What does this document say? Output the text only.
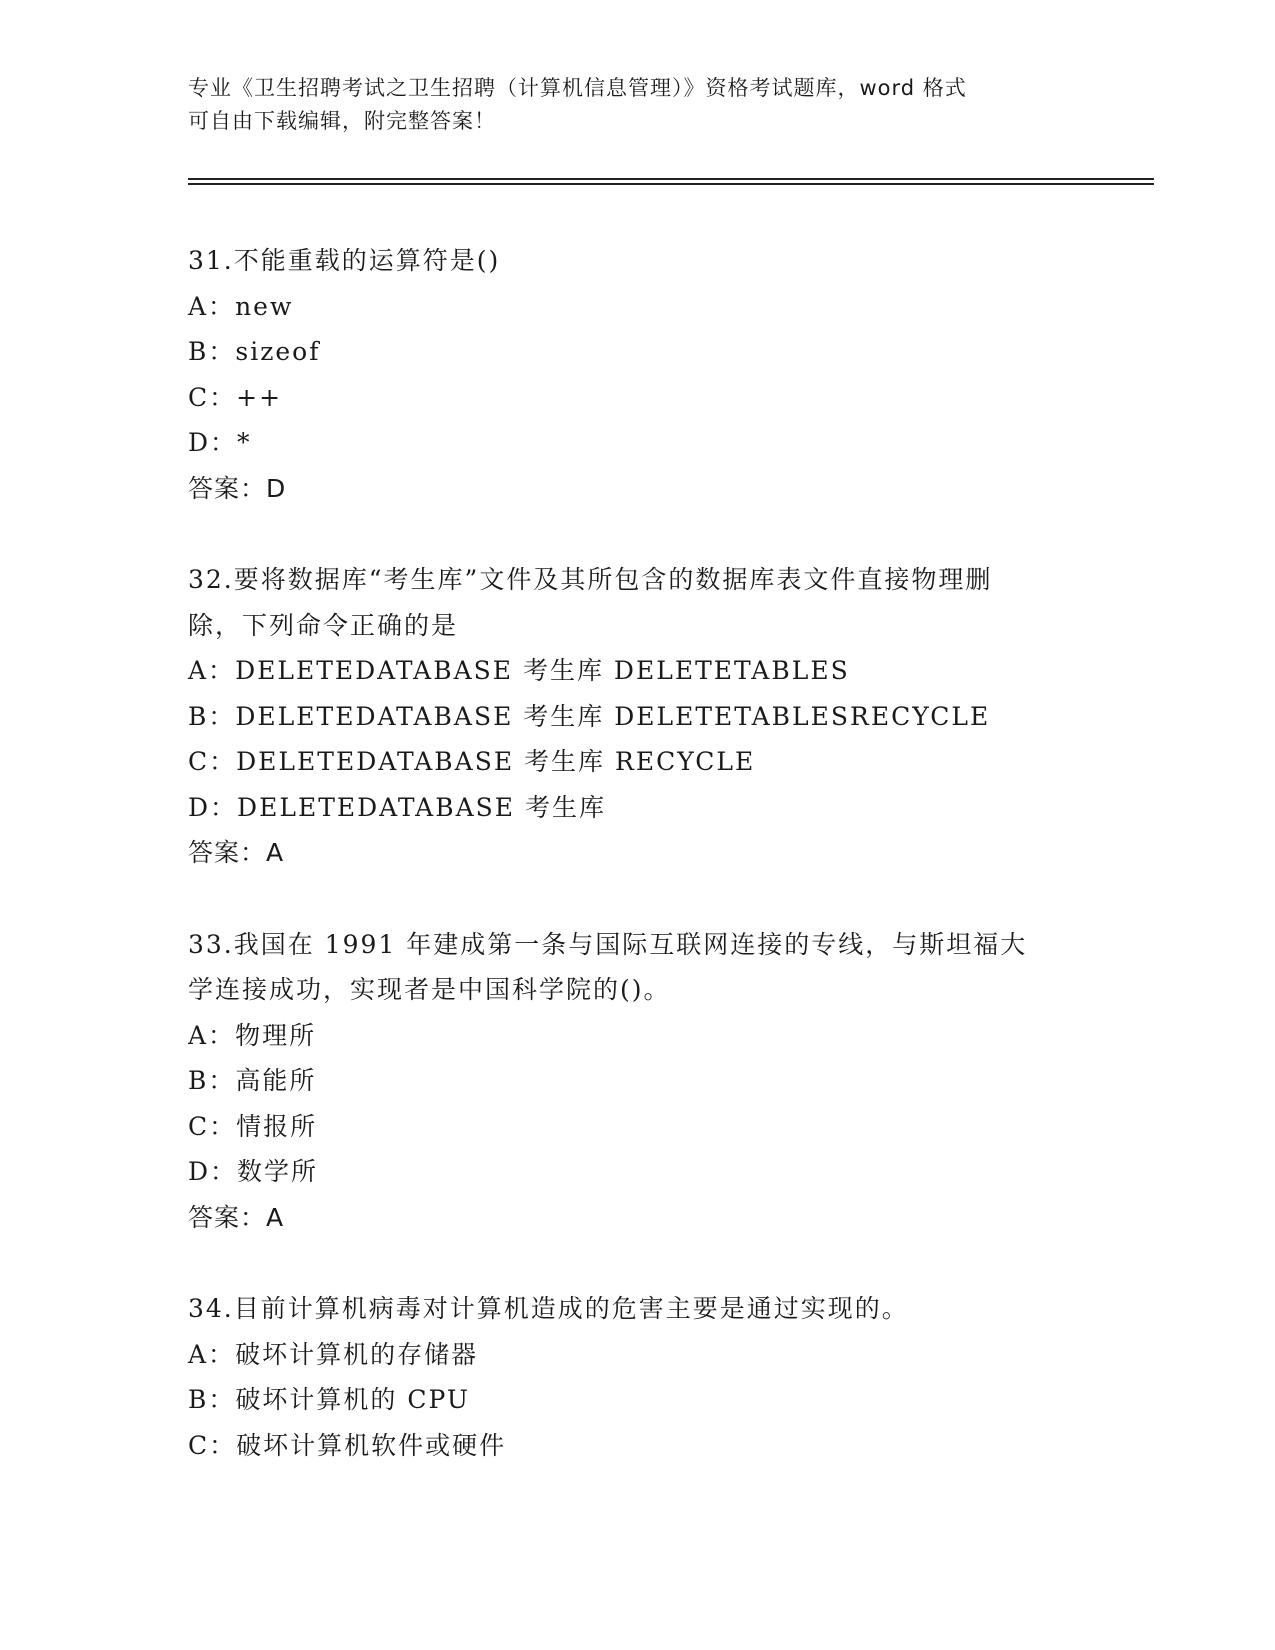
专业《卫生招聘考试之卫生招聘（计算机信息管理）》资格考试题库，word 格式
可自由下载编辑，附完整答案！
31.不能重载的运算符是()
A：new
B：sizeof
C：++
D：*
答案：D
32.要将数据库“考生库”文件及其所包含的数据库表文件直接物理删
除，下列命令正确的是
A：DELETEDATABASE 考生库 DELETETABLES
B：DELETEDATABASE 考生库 DELETETABLESRECYCLE
C：DELETEDATABASE 考生库 RECYCLE
D：DELETEDATABASE 考生库
答案：A
33.我国在 1991 年建成第一条与国际互联网连接的专线，与斯坦福大
学连接成功，实现者是中国科学院的()。
A：物理所
B：高能所
C：情报所
D：数学所
答案：A
34.目前计算机病毒对计算机造成的危害主要是通过实现的。
A：破坏计算机的存储器
B：破坏计算机的 CPU
C：破坏计算机软件或硬件
